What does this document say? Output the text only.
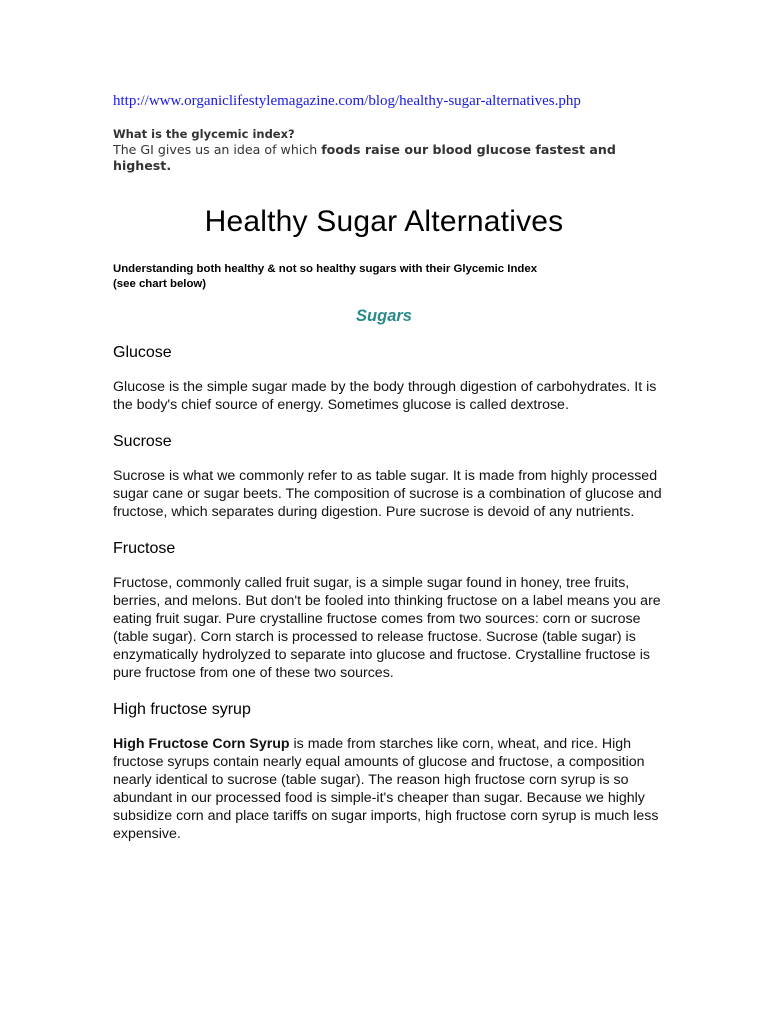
http://www.organiclifestylemagazine.com/blog/healthy-sugar-alternatives.php
What is the glycemic index?
The GI gives us an idea of which foods raise our blood glucose fastest and highest.
Healthy Sugar Alternatives
Understanding both healthy & not so healthy sugars with their Glycemic Index
(see chart below)
Sugars
Glucose

Glucose is the simple sugar made by the body through digestion of carbohydrates. It is the body's chief source of energy. Sometimes glucose is called dextrose.

Sucrose

Sucrose is what we commonly refer to as table sugar. It is made from highly processed sugar cane or sugar beets. The composition of sucrose is a combination of glucose and fructose, which separates during digestion. Pure sucrose is devoid of any nutrients.

Fructose

Fructose, commonly called fruit sugar, is a simple sugar found in honey, tree fruits, berries, and melons. But don't be fooled into thinking fructose on a label means you are eating fruit sugar. Pure crystalline fructose comes from two sources: corn or sucrose (table sugar). Corn starch is processed to release fructose. Sucrose (table sugar) is enzymatically hydrolyzed to separate into glucose and fructose. Crystalline fructose is pure fructose from one of these two sources.

High fructose syrup

High Fructose Corn Syrup is made from starches like corn, wheat, and rice. High fructose syrups contain nearly equal amounts of glucose and fructose, a composition nearly identical to sucrose (table sugar). The reason high fructose corn syrup is so abundant in our processed food is simple-it's cheaper than sugar. Because we highly subsidize corn and place tariffs on sugar imports, high fructose corn syrup is much less expensive.
